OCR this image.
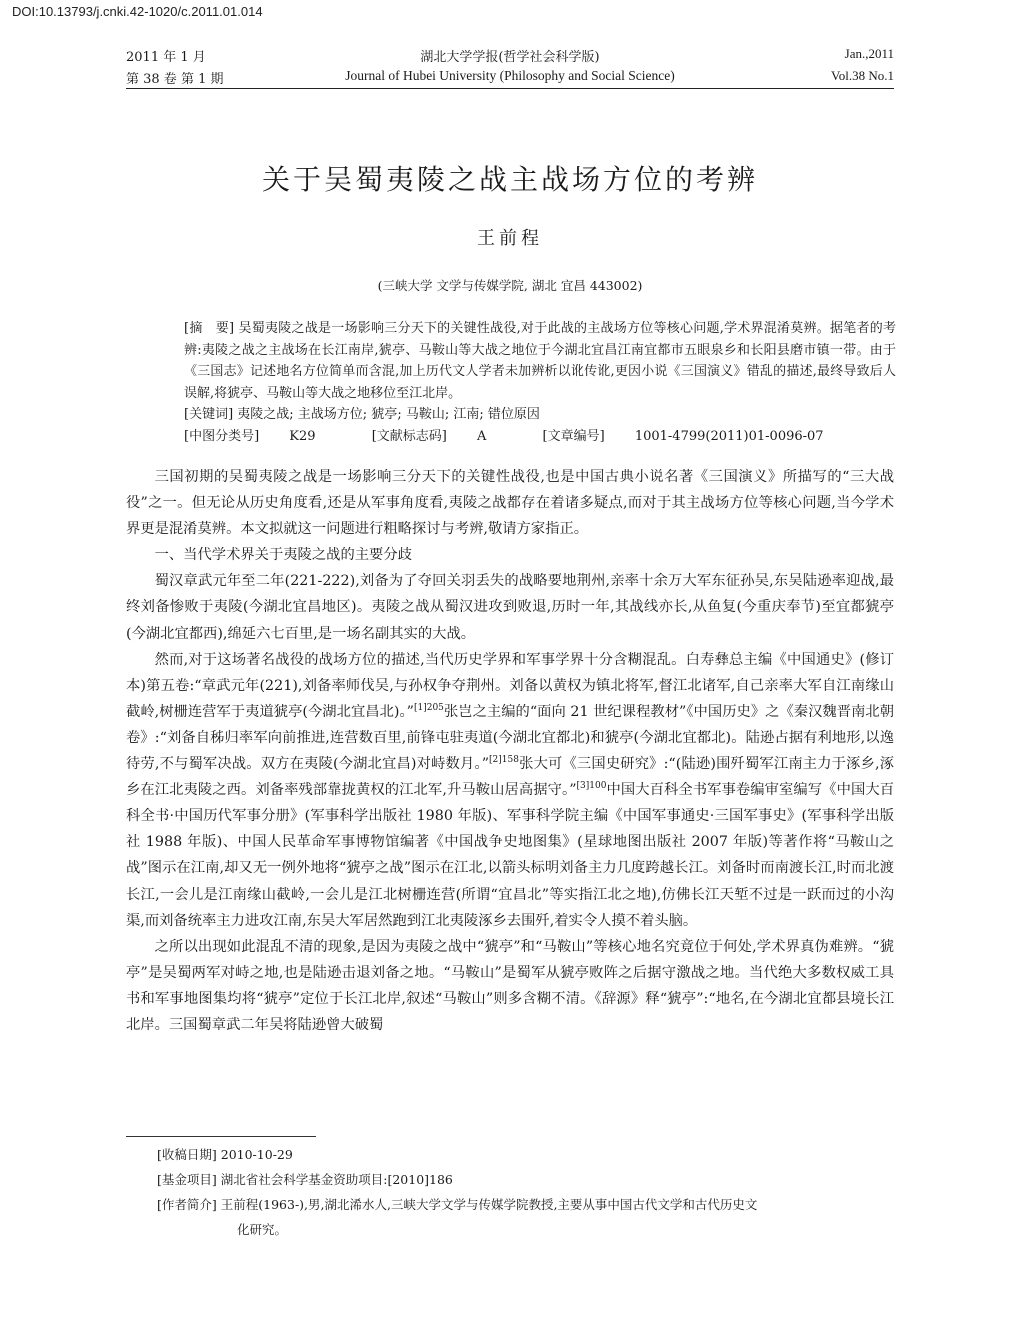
DOI:10.13793/j.cnki.42-1020/c.2011.01.014
2011 年 1 月	湖北大学学报(哲学社会科学版)	Jan.,2011
第 38 卷 第 1 期	Journal of Hubei University (Philosophy and Social Science)	Vol.38 No.1
关于吴蜀夷陵之战主战场方位的考辨
王前程
(三峡大学 文学与传媒学院, 湖北 宜昌 443002)

[摘　要] 吴蜀夷陵之战是一场影响三分天下的关键性战役,对于此战的主战场方位等核心问题,学术界混淆莫辨。据笔者的考辨:夷陵之战之主战场在长江南岸,猇亭、马鞍山等大战之地位于今湖北宜昌江南宜都市五眼泉乡和长阳县磨市镇一带。由于《三国志》记述地名方位简单而含混,加上历代文人学者未加辨析以讹传讹,更因小说《三国演义》错乱的描述,最终导致后人误解,将猇亭、马鞍山等大战之地移位至江北岸。

[关键词] 夷陵之战; 主战场方位; 猇亭; 马鞍山; 江南; 错位原因

[中图分类号] K29	[文献标志码] A	[文章编号] 1001-4799(2011)01-0096-07

三国初期的吴蜀夷陵之战是一场影响三分天下的关键性战役,也是中国古典小说名著《三国演义》所描写的“三大战役”之一。但无论从历史角度看,还是从军事角度看,夷陵之战都存在着诸多疑点,而对于其主战场方位等核心问题,当今学术界更是混淆莫辨。本文拟就这一问题进行粗略探讨与考辨,敬请方家指正。

一、当代学术界关于夷陵之战的主要分歧

蜀汉章武元年至二年(221-222),刘备为了夺回关羽丢失的战略要地荆州,亲率十余万大军东征孙吴,东吴陆逊率迎战,最终刘备惨败于夷陵(今湖北宜昌地区)。夷陵之战从蜀汉进攻到败退,历时一年,其战线亦长,从鱼复(今重庆奉节)至宜都猇亭(今湖北宜都西),绵延六七百里,是一场名副其实的大战。

然而,对于这场著名战役的战场方位的描述,当代历史学界和军事学界十分含糊混乱。白寿彝总主编《中国通史》(修订本)第五卷:“章武元年(221),刘备率师伐吴,与孙权争夺荆州。刘备以黄权为镇北将军,督江北诸军,自己亲率大军自江南缘山截岭,树栅连营军于夷道猇亭(今湖北宜昌北)。”$^{[1]205}$张岂之主编的“面向 21 世纪课程教材”《中国历史》之《秦汉魏晋南北朝卷》:“刘备自秭归率军向前推进,连营数百里,前锋屯驻夷道(今湖北宜都北)和猇亭(今湖北宜都北)。陆逊占据有利地形,以逸待劳,不与蜀军决战。双方在夷陵(今湖北宜昌)对峙数月。”$^{[2]158}$张大可《三国史研究》:“(陆逊)围歼蜀军江南主力于涿乡,涿乡在江北夷陵之西。刘备率残部靠拢黄权的江北军,升马鞍山居高据守。”$^{[3]100}$中国大百科全书军事卷编审室编写《中国大百科全书·中国历代军事分册》(军事科学出版社 1980 年版)、军事科学院主编《中国军事通史·三国军事史》(军事科学出版社 1988 年版)、中国人民革命军事博物馆编著《中国战争史地图集》(星球地图出版社 2007 年版)等著作将“马鞍山之战”图示在江南,却又无一例外地将“猇亭之战”图示在江北,以箭头标明刘备主力几度跨越长江。刘备时而南渡长江,时而北渡长江,一会儿是江南缘山截岭,一会儿是江北树栅连营(所谓“宜昌北”等实指江北之地),仿佛长江天堑不过是一跃而过的小沟渠,而刘备统率主力进攻江南,东吴大军居然跑到江北夷陵涿乡去围歼,着实令人摸不着头脑。

之所以出现如此混乱不清的现象,是因为夷陵之战中“猇亭”和“马鞍山”等核心地名究竟位于何处,学术界真伪难辨。“猇亭”是吴蜀两军对峙之地,也是陆逊击退刘备之地。“马鞍山”是蜀军从猇亭败阵之后据守激战之地。当代绝大多数权威工具书和军事地图集均将“猇亭”定位于长江北岸,叙述“马鞍山”则多含糊不清。《辞源》释“猇亭”:“地名,在今湖北宜都县境长江北岸。三国蜀章武二年吴将陆逊曾大破蜀

[收稿日期] 2010-10-29

[基金项目] 湖北省社会科学基金资助项目:[2010]186

[作者简介] 王前程(1963-),男,湖北浠水人,三峡大学文学与传媒学院教授,主要从事中国古代文学和古代历史文

化研究。
